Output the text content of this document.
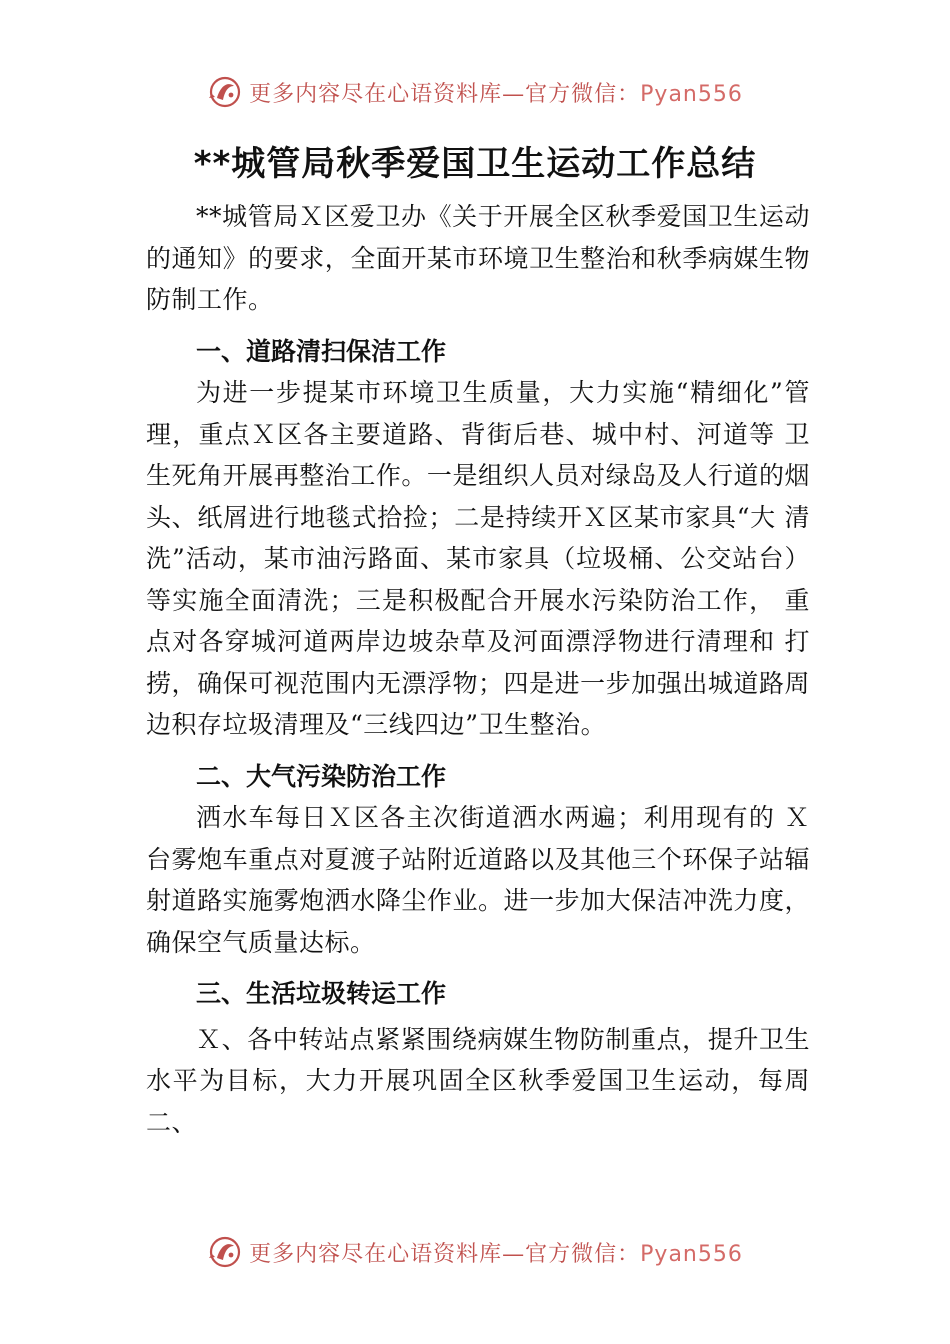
更多内容尽在心语资料库—官方微信：Pyan556
**城管局秋季爱国卫生运动工作总结

**城管局Ｘ区爱卫办《关于开展全区秋季爱国卫生运动的通知》的要求，全面开某市环境卫生整治和秋季病媒生物防制工作。

一、道路清扫保洁工作

为进一步提某市环境卫生质量，大力实施“精细化”管理，重点Ｘ区各主要道路、背街后巷、城中村、河道等 卫生死角开展再整治工作。一是组织人员对绿岛及人行道的烟头、纸屑进行地毯式拾捡；二是持续开Ｘ区某市家具“大 清洗”活动，某市油污路面、某市家具（垃圾桶、公交站台）等实施全面清洗；三是积极配合开展水污染防治工作， 重点对各穿城河道两岸边坡杂草及河面漂浮物进行清理和 打捞，确保可视范围内无漂浮物；四是进一步加强出城道路周边积存垃圾清理及“三线四边”卫生整治。

二、大气污染防治工作

洒水车每日Ｘ区各主次街道洒水两遍；利用现有的 Ｘ台雾炮车重点对夏渡子站附近道路以及其他三个环保子站辐射道路实施雾炮洒水降尘作业。进一步加大保洁冲洗力度，确保空气质量达标。

三、生活垃圾转运工作

Ｘ、各中转站点紧紧围绕病媒生物防制重点，提升卫生水平为目标，大力开展巩固全区秋季爱国卫生运动，每周二、

更多内容尽在心语资料库—官方微信：Pyan556
